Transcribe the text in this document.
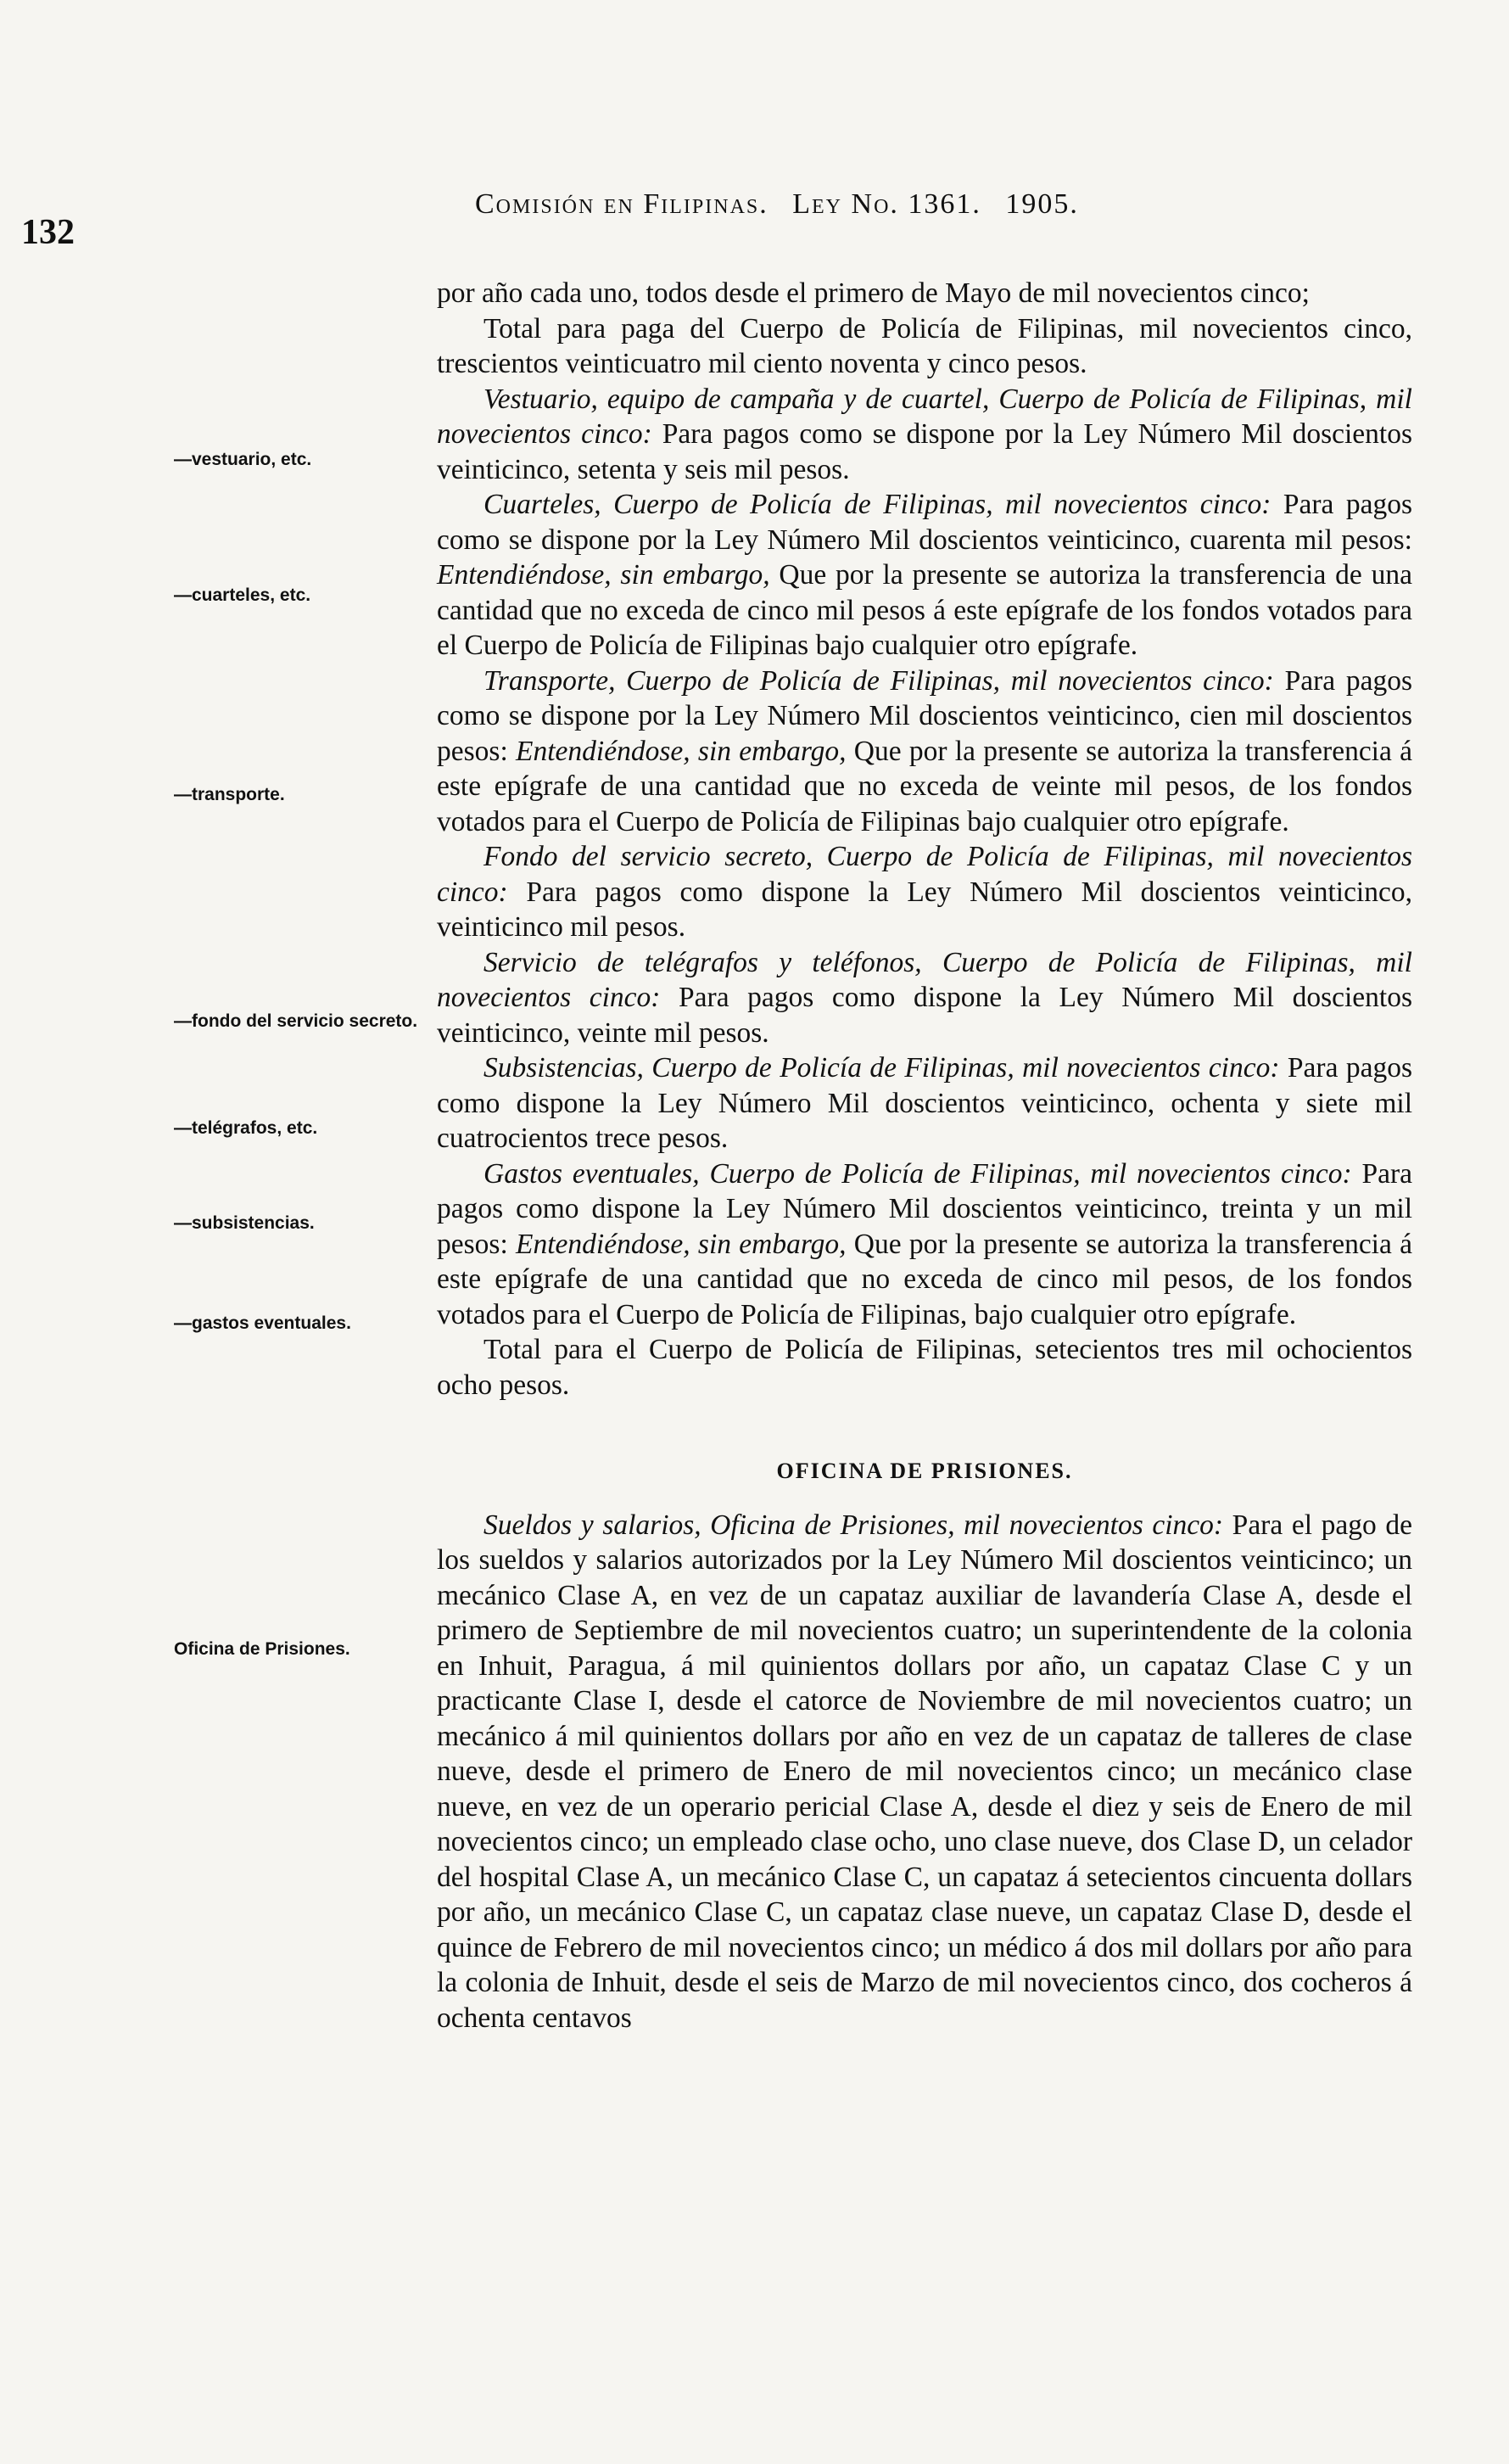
132
Comisión en Filipinas. Ley No. 1361. 1905.
—vestuario, etc.
—cuarteles, etc.
—transporte.
—fondo del servicio secreto.
—telégrafos, etc.
—subsistencias.
—gastos eventuales.
Oficina de Prisiones.

por año cada uno, todos desde el primero de Mayo de mil novecientos cinco;

Total para paga del Cuerpo de Policía de Filipinas, mil novecientos cinco, trescientos veinticuatro mil ciento noventa y cinco pesos.

Vestuario, equipo de campaña y de cuartel, Cuerpo de Policía de Filipinas, mil novecientos cinco: Para pagos como se dispone por la Ley Número Mil doscientos veinticinco, setenta y seis mil pesos.

Cuarteles, Cuerpo de Policía de Filipinas, mil novecientos cinco: Para pagos como se dispone por la Ley Número Mil doscientos veinticinco, cuarenta mil pesos: Entendiéndose, sin embargo, Que por la presente se autoriza la transferencia de una cantidad que no exceda de cinco mil pesos á este epígrafe de los fondos votados para el Cuerpo de Policía de Filipinas bajo cualquier otro epígrafe.

Transporte, Cuerpo de Policía de Filipinas, mil novecientos cinco: Para pagos como se dispone por la Ley Número Mil doscientos veinticinco, cien mil doscientos pesos: Entendiéndose, sin embargo, Que por la presente se autoriza la transferencia á este epígrafe de una cantidad que no exceda de veinte mil pesos, de los fondos votados para el Cuerpo de Policía de Filipinas bajo cualquier otro epígrafe.

Fondo del servicio secreto, Cuerpo de Policía de Filipinas, mil novecientos cinco: Para pagos como dispone la Ley Número Mil doscientos veinticinco, veinticinco mil pesos.

Servicio de telégrafos y teléfonos, Cuerpo de Policía de Filipinas, mil novecientos cinco: Para pagos como dispone la Ley Número Mil doscientos veinticinco, veinte mil pesos.

Subsistencias, Cuerpo de Policía de Filipinas, mil novecientos cinco: Para pagos como dispone la Ley Número Mil doscientos veinticinco, ochenta y siete mil cuatrocientos trece pesos.

Gastos eventuales, Cuerpo de Policía de Filipinas, mil novecientos cinco: Para pagos como dispone la Ley Número Mil doscientos veinticinco, treinta y un mil pesos: Entendiéndose, sin embargo, Que por la presente se autoriza la transferencia á este epígrafe de una cantidad que no exceda de cinco mil pesos, de los fondos votados para el Cuerpo de Policía de Filipinas, bajo cualquier otro epígrafe.

Total para el Cuerpo de Policía de Filipinas, setecientos tres mil ochocientos ocho pesos.

OFICINA DE PRISIONES.

Sueldos y salarios, Oficina de Prisiones, mil novecientos cinco: Para el pago de los sueldos y salarios autorizados por la Ley Número Mil doscientos veinticinco; un mecánico Clase A, en vez de un capataz auxiliar de lavandería Clase A, desde el primero de Septiembre de mil novecientos cuatro; un superintendente de la colonia en Inhuit, Paragua, á mil quinientos dollars por año, un capataz Clase C y un practicante Clase I, desde el catorce de Noviembre de mil novecientos cuatro; un mecánico á mil quinientos dollars por año en vez de un capataz de talleres de clase nueve, desde el primero de Enero de mil novecientos cinco; un mecánico clase nueve, en vez de un operario pericial Clase A, desde el diez y seis de Enero de mil novecientos cinco; un empleado clase ocho, uno clase nueve, dos Clase D, un celador del hospital Clase A, un mecánico Clase C, un capataz á setecientos cincuenta dollars por año, un mecánico Clase C, un capataz clase nueve, un capataz Clase D, desde el quince de Febrero de mil novecientos cinco; un médico á dos mil dollars por año para la colonia de Inhuit, desde el seis de Marzo de mil novecientos cinco, dos cocheros á ochenta centavos
